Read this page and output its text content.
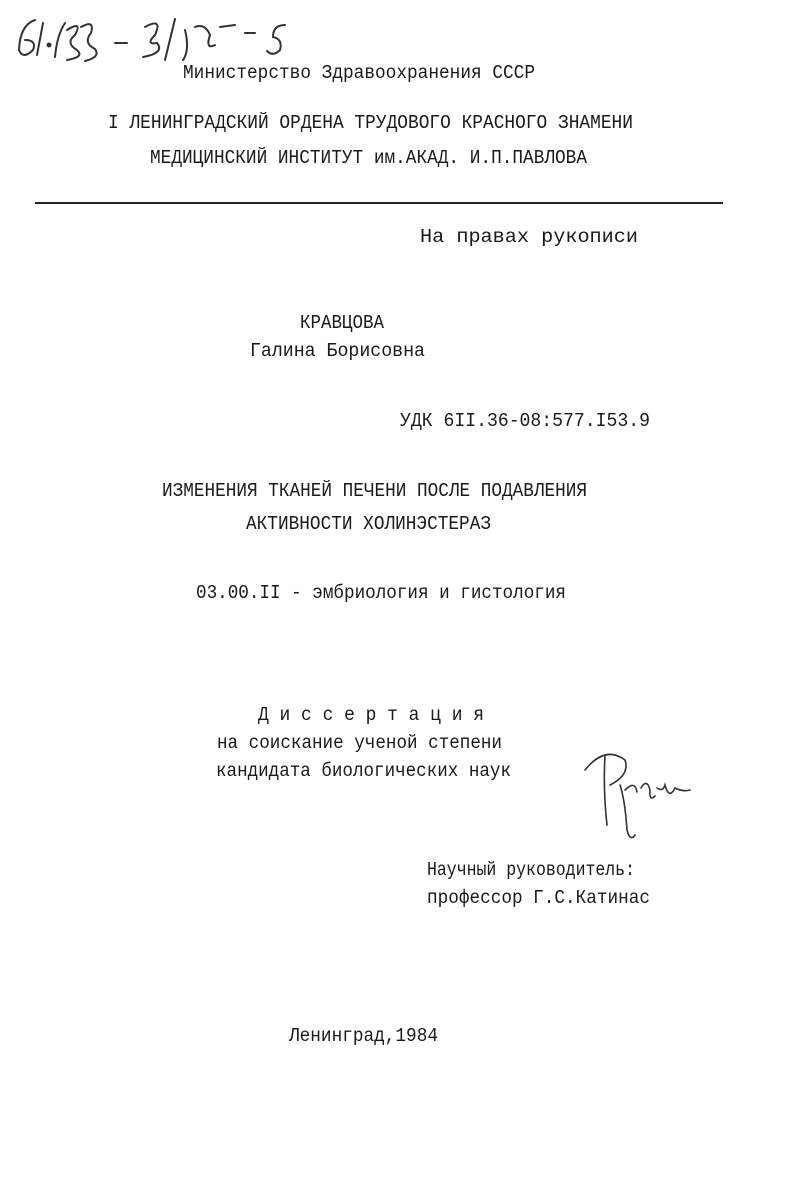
Министерство Здравоохранения СССР
I ЛЕНИНГРАДСКИЙ ОРДЕНА ТРУДОВОГО КРАСНОГО ЗНАМЕНИ
МЕДИЦИНСКИЙ ИНСТИТУТ им.АКАД. И.П.ПАВЛОВА
На правах рукописи
КРАВЦОВА
Галина Борисовна
УДК 6II.36-08:577.I53.9
ИЗМЕНЕНИЯ ТКАНЕЙ ПЕЧЕНИ ПОСЛЕ ПОДАВЛЕНИЯ
АКТИВНОСТИ ХОЛИНЭСТЕРАЗ
03.00.II - эмбриология и гистология
Д и с с е р т а ц и я
на соискание ученой степени
кандидата биологических наук
Научный руководитель:
профессор Г.С.Катинас
Ленинград,1984
